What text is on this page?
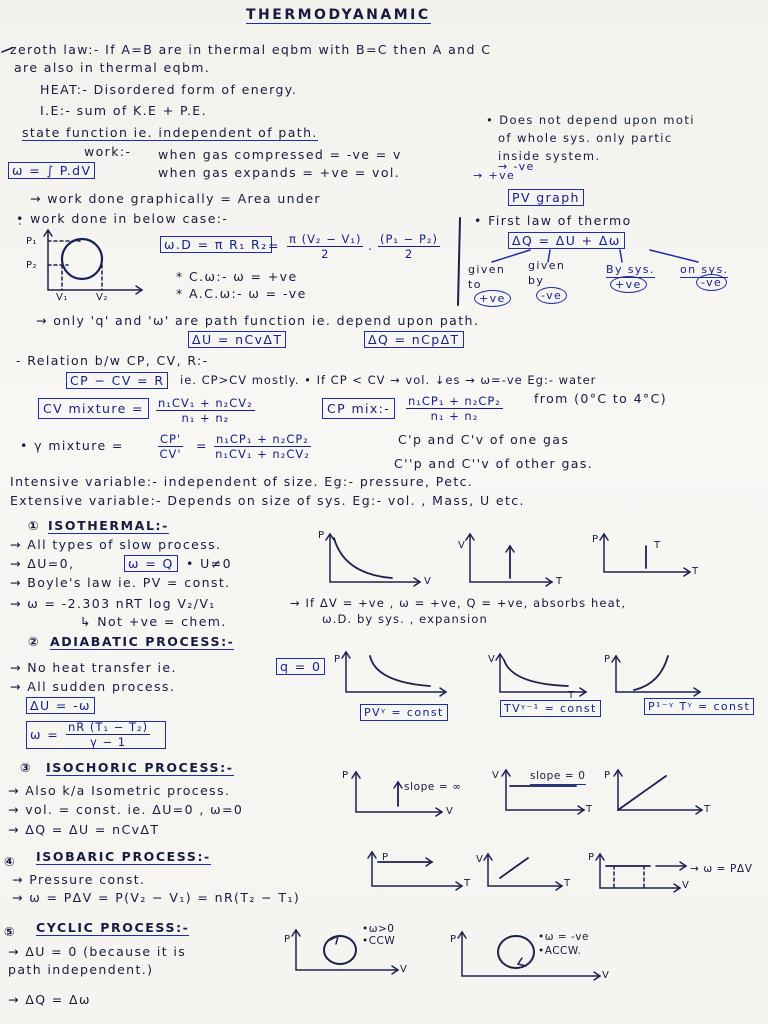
THERMODYANAMIC
zeroth law:- If A=B are in thermal eqbm with B=C then A and C
are also in thermal eqbm.
HEAT:- Disordered form of energy.
I.E:- sum of K.E + P.E.
state function ie. independent of path.
• Does not depend upon moti
of whole sys. only partic
inside system.
work:- when gas compressed = -ve = v
→ -ve
when gas expands = +ve = vol.	→ +ve
ω = ∫ P.dV
→ work done graphically = Area under	PV graph
• work done in below case:-
ω.D = π R₁ $R_2 = \frac{\text{π (V₂ − V₁)}}{2}$ . $\frac{\text{(P₁ − P₂)}}{2}$
* C.ω:- ω = +ve
* A.C.ω:- ω = -ve
• First law of thermo
ΔQ = ΔU + Δω
given to
given by
By sys. on sys.
+ve	-ve
+ve	-ve
→ only 'q' and 'ω' are path function ie. depend upon path.
ΔU = nCvΔT	ΔQ = nCpΔT
- Relation b/w CP, CV, R:-
CP − CV = R	ie. CP>CV mostly. • If CP < CV → vol. ↓es → ω=-ve Eg:- water
CV mixture =	$\frac{\text{n₁CV₁ + n₂CV₂}}{\text{n₁ + n₂}}$	CP mix:-	$\frac{\text{n₁CP₁ + n₂CP₂}}{\text{n₁ + n₂}}$ from (0°C to 4°C)
• γ mixture =	$\frac{CP'}{CV'} = \frac{\text{n₁CP₁ + n₂CP₂}}{\text{n₁CV₁ + n₂CV₂}}$	C'p and C'v of one gas
C''p and C''v of other gas.
Intensive variable:- independent of size. Eg:- pressure, Petc.
Extensive variable:- Depends on size of sys. Eg:- vol. , Mass, U etc.
① ISOTHERMAL:-
→ All types of slow process.
→ ΔU=0,	ω = Q • U≠0
→ Boyle's law ie. PV = const.
→ ω = -2.303 nRT log V₂/V₁
↳ Not +ve = chem.
→ If ΔV = +ve , ω = +ve, Q = +ve, absorbs heat,
ω.D. by sys. , expansion
② ADIABATIC PROCESS:-
→ No heat transfer ie.	q = 0
→ All sudden process.
ΔU = -ω
$\omega = \frac{\text{nR (T₁ − T₂)}}{\gamma - 1}$
PVᵞ = const	TVᵞ⁻¹ = const	P¹⁻ᵞ Tᵞ = const
③ ISOCHORIC PROCESS:-
→ Also k/a Isometric process.
→ vol. = const. ie. ΔU=0 , ω=0
→ ΔQ = ΔU = nCvΔT
slope = ∞
slope = 0
④ ISOBARIC PROCESS:-
→ Pressure const.
→ ω = PΔV = P(V₂ − V₁) = nR(T₂ − T₁)
→ ω = PΔV
⑤ CYCLIC PROCESS:-
→ ΔU = 0 (because it is
path independent.)
→ ΔQ = Δω
•ω>0
•CCW	•ω = -ve
•ACCW.
P₁
P₂
V₁	V₂
P
V
V
T
P
T
T
P	V
T
P
P
V
V
T
P
T
P
T
V
T
P
V
P
V
P
V
